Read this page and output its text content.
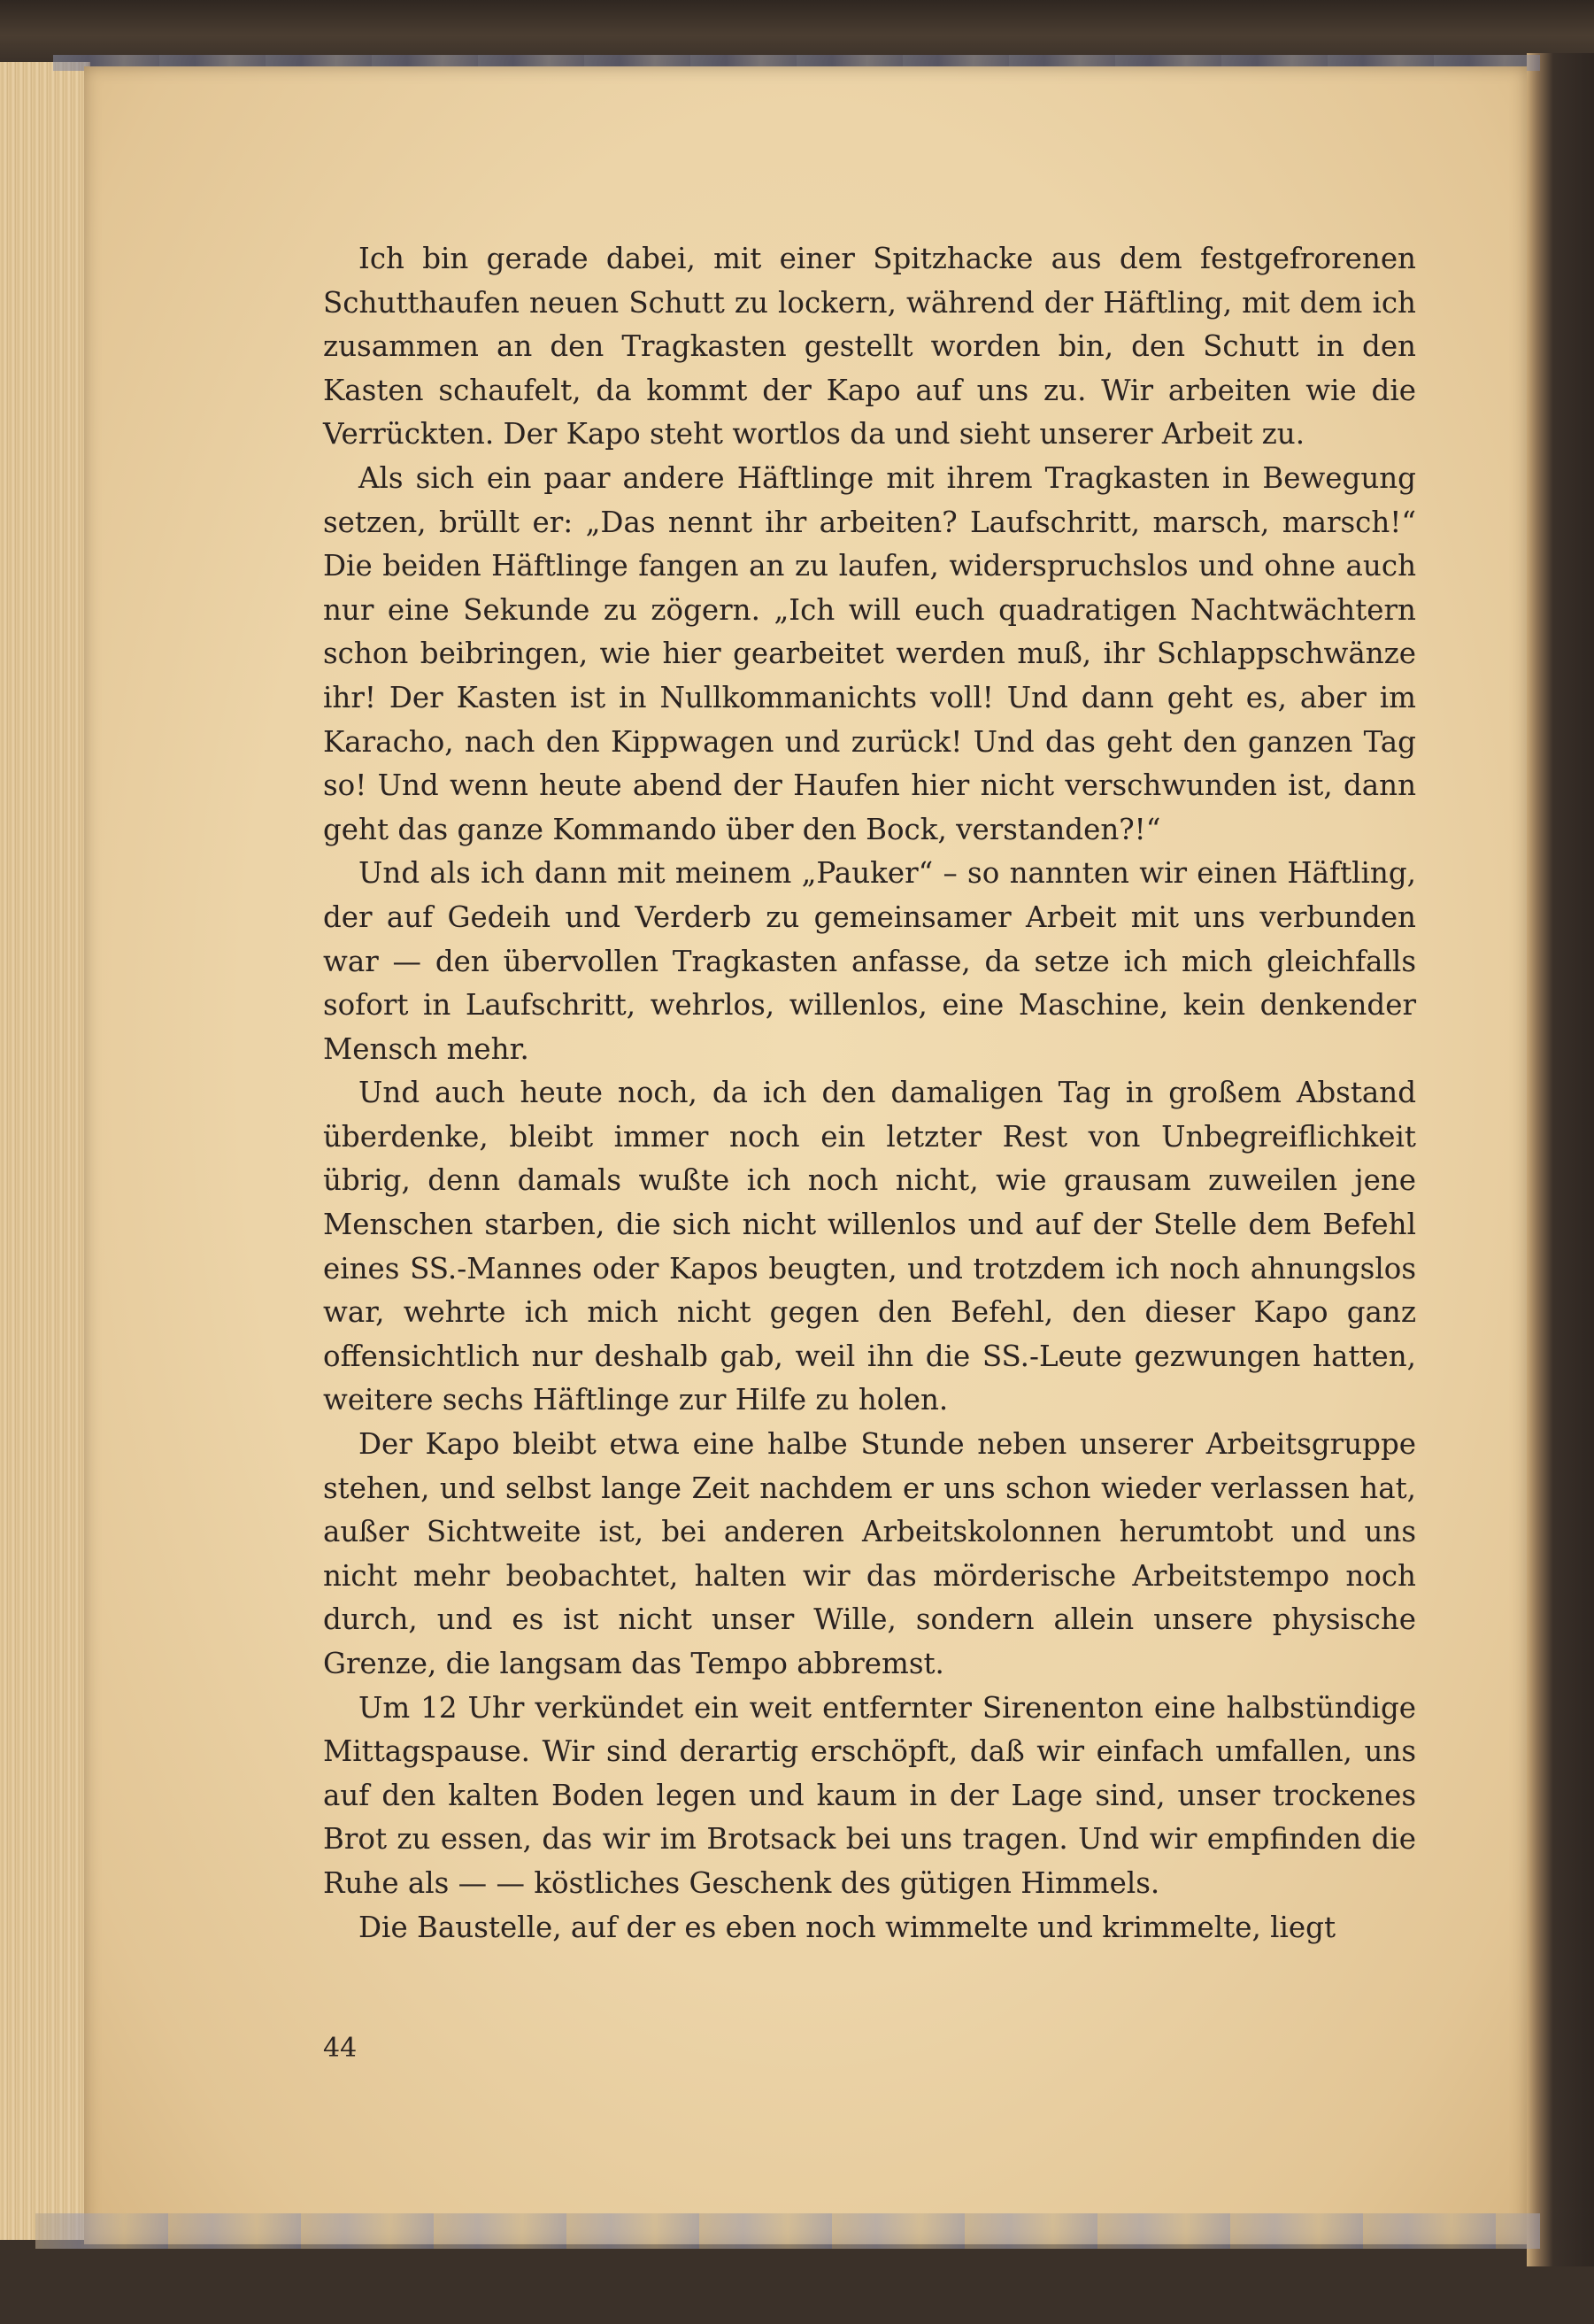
Ich bin gerade dabei, mit einer Spitzhacke aus dem festgefrorenen Schutthaufen neuen Schutt zu lockern, während der Häftling, mit dem ich zusammen an den Tragkasten gestellt worden bin, den Schutt in den Kasten schaufelt, da kommt der Kapo auf uns zu. Wir arbeiten wie die Verrückten. Der Kapo steht wortlos da und sieht unserer Arbeit zu.

Als sich ein paar andere Häftlinge mit ihrem Tragkasten in Bewegung setzen, brüllt er: „Das nennt ihr arbeiten? Laufschritt, marsch, marsch!“ Die beiden Häftlinge fangen an zu laufen, widerspruchslos und ohne auch nur eine Sekunde zu zögern. „Ich will euch quadratigen Nachtwächtern schon beibringen, wie hier gearbeitet werden muß, ihr Schlappschwänze ihr! Der Kasten ist in Nullkommanichts voll! Und dann geht es, aber im Karacho, nach den Kippwagen und zurück! Und das geht den ganzen Tag so! Und wenn heute abend der Haufen hier nicht verschwunden ist, dann geht das ganze Kommando über den Bock, verstanden?!“

Und als ich dann mit meinem „Pauker“ – so nannten wir einen Häftling, der auf Gedeih und Verderb zu gemeinsamer Arbeit mit uns verbunden war — den übervollen Tragkasten anfasse, da setze ich mich gleichfalls sofort in Laufschritt, wehrlos, willenlos, eine Maschine, kein denkender Mensch mehr.

Und auch heute noch, da ich den damaligen Tag in großem Abstand überdenke, bleibt immer noch ein letzter Rest von Unbegreiflichkeit übrig, denn damals wußte ich noch nicht, wie grausam zuweilen jene Menschen starben, die sich nicht willenlos und auf der Stelle dem Befehl eines SS.-Mannes oder Kapos beugten, und trotzdem ich noch ahnungslos war, wehrte ich mich nicht gegen den Befehl, den dieser Kapo ganz offensichtlich nur deshalb gab, weil ihn die SS.-Leute gezwungen hatten, weitere sechs Häftlinge zur Hilfe zu holen.

Der Kapo bleibt etwa eine halbe Stunde neben unserer Arbeitsgruppe stehen, und selbst lange Zeit nachdem er uns schon wieder verlassen hat, außer Sichtweite ist, bei anderen Arbeitskolonnen herumtobt und uns nicht mehr beobachtet, halten wir das mörderische Arbeitstempo noch durch, und es ist nicht unser Wille, sondern allein unsere physische Grenze, die langsam das Tempo abbremst.

Um 12 Uhr verkündet ein weit entfernter Sirenenton eine halbstündige Mittagspause. Wir sind derartig erschöpft, daß wir einfach umfallen, uns auf den kalten Boden legen und kaum in der Lage sind, unser trockenes Brot zu essen, das wir im Brotsack bei uns tragen. Und wir empfinden die Ruhe als — — köstliches Geschenk des gütigen Himmels.

Die Baustelle, auf der es eben noch wimmelte und krimmelte, liegt

44
